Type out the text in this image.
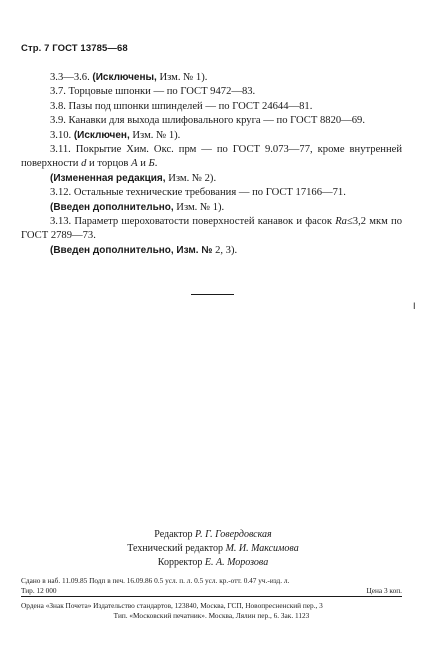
Стр. 7 ГОСТ 13785—68
3.3—3.6. (Исключены, Изм. № 1).
3.7. Торцовые шпонки — по ГОСТ 9472—83.
3.8. Пазы под шпонки шпинделей — по ГОСТ 24644—81.
3.9. Канавки для выхода шлифовального круга — по ГОСТ 8820—69.
3.10. (Исключен, Изм. № 1).
3.11. Покрытие Хим. Окс. прм — по ГОСТ 9.073—77, кроме внутренней поверхности d и торцов А и Б.
(Измененная редакция, Изм. № 2).
3.12. Остальные технические требования — по ГОСТ 17166—71.
(Введен дополнительно, Изм. № 1).
3.13. Параметр шероховатости поверхностей канавок и фасок Ra≤3,2 мкм по ГОСТ 2789—73.
(Введен дополнительно, Изм. № 2, 3).
I
Редактор Р. Г. Говердовская
Технический редактор М. И. Максимова
Корректор Е. А. Морозова
Сдано в наб. 11.09.85 Подп в печ. 16.09.86 0.5 усл. п. л. 0.5 усл. кр.-отт. 0.47 уч.-изд. л.
Тир. 12 000	Цена 3 коп.
Ордена «Знак Почета» Издательство стандартов, 123840, Москва, ГСП, Новопресненский пер., 3
Тип. «Московский печатник». Москва, Лялин пер., 6. Зак. 1123
